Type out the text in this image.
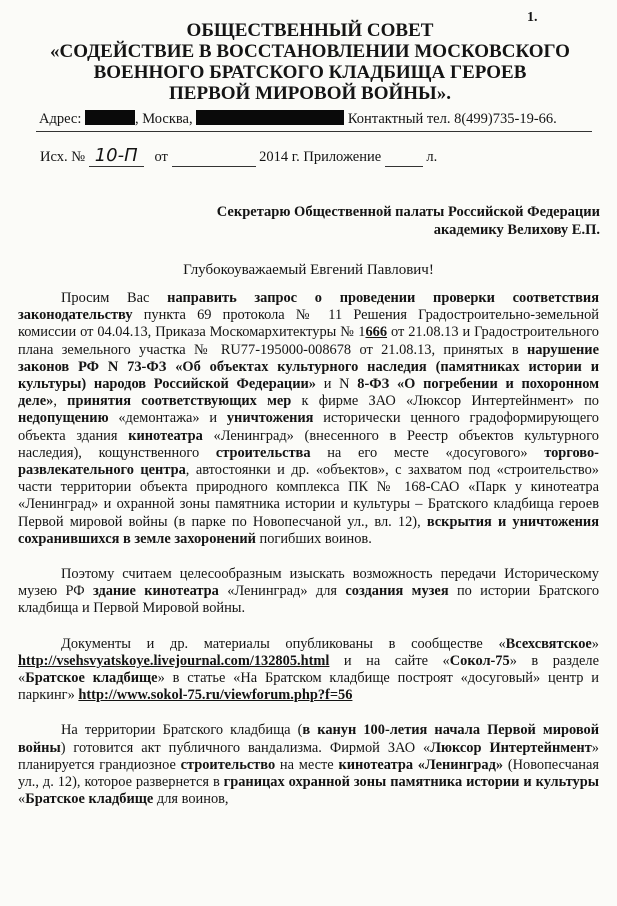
1.
ОБЩЕСТВЕННЫЙ СОВЕТ
«СОДЕЙСТВИЕ В ВОССТАНОВЛЕНИИ МОСКОВСКОГО
ВОЕННОГО БРАТСКОГО КЛАДБИЩА ГЕРОЕВ
ПЕРВОЙ МИРОВОЙ ВОЙНЫ».
Адрес:	, Москва,	Контактный тел. 8(499)735-19-66.
Исх. № 10-П от	2014 г. Приложение	л.
Секретарю Общественной палаты Российской Федерации
академику Велихову Е.П.
Глубокоуважаемый Евгений Павлович!

Просим Вас направить запрос о проведении проверки соответствия законодательству пункта 69 протокола № 11 Решения Градостроительно-земельной комиссии от 04.04.13, Приказа Москомархитектуры № 1666 от 21.08.13 и Градостроительного плана земельного участка № RU77-195000-008678 от 21.08.13, принятых в нарушение законов РФ N 73-ФЗ «Об объектах культурного наследия (памятниках истории и культуры) народов Российской Федерации» и N 8-ФЗ «О погребении и похоронном деле», принятия соответствующих мер к фирме ЗАО «Люксор Интертейнмент» по недопущению «демонтажа» и уничтожения исторически ценного градоформирующего объекта здания кинотеатра «Ленинград» (внесенного в Реестр объектов культурного наследия), кощунственного строительства на его месте «досугового» торгово-развлекательного центра, автостоянки и др. «объектов», с захватом под «строительство» части территории объекта природного комплекса ПК № 168-САО «Парк у кинотеатра «Ленинград» и охранной зоны памятника истории и культуры – Братского кладбища героев Первой мировой войны (в парке по Новопесчаной ул., вл. 12), вскрытия и уничтожения сохранившихся в земле захоронений погибших воинов.

Поэтому считаем целесообразным изыскать возможность передачи Историческому музею РФ здание кинотеатра «Ленинград» для создания музея по истории Братского кладбища и Первой Мировой войны.

Документы и др. материалы опубликованы в сообществе «Всехсвятское» http://vsehsvyatskoye.livejournal.com/132805.html и на сайте «Сокол-75» в разделе «Братское кладбище» в статье «На Братском кладбище построят «досуговый» центр и паркинг» http://www.sokol-75.ru/viewforum.php?f=56

На территории Братского кладбища (в канун 100-летия начала Первой мировой войны) готовится акт публичного вандализма. Фирмой ЗАО «Люксор Интертейнмент» планируется грандиозное строительство на месте кинотеатра «Ленинград» (Новопесчаная ул., д. 12), которое развернется в границах охранной зоны памятника истории и культуры «Братское кладбище для воинов,
